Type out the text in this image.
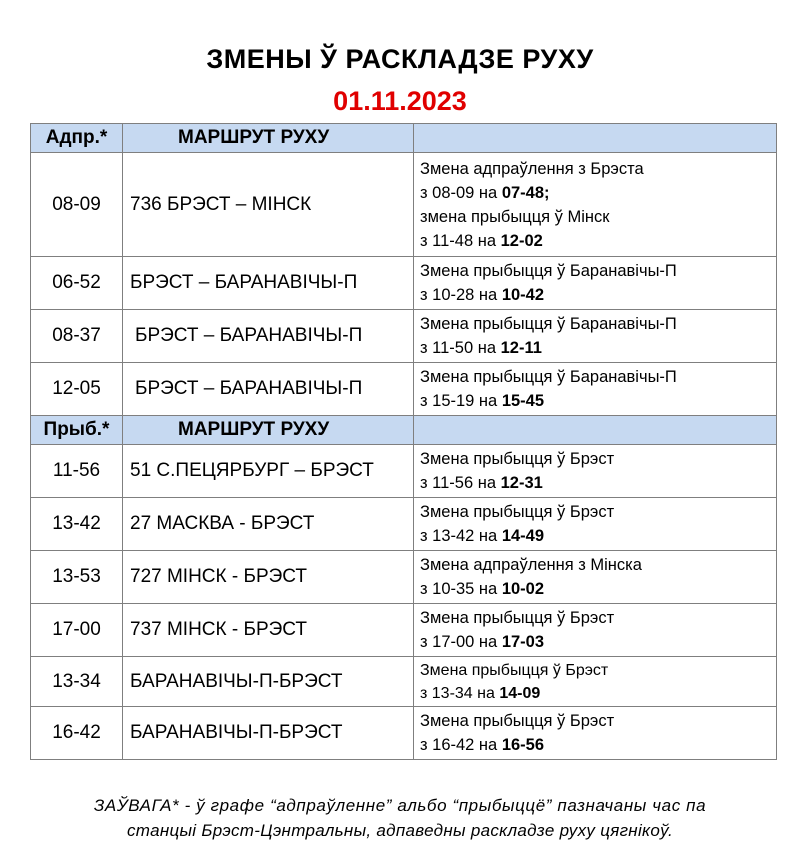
ЗМЕНЫ Ў РАСКЛАДЗЕ РУХУ
01.11.2023
Адпр.*	МАРШРУТ РУХУ	
08-09	736 БРЭСТ – МІНСК	Змена адпраўлення з Брэста
з 08-09 на 07-48;
змена прыбыцця ў Мінск
з 11-48 на 12-02

06-52	БРЭСТ – БАРАНАВІЧЫ-П	Змена прыбыцця ў Баранавічы-П
з 10-28 на 10-42

08-37	БРЭСТ – БАРАНАВІЧЫ-П	Змена прыбыцця ў Баранавічы-П
з 11-50 на 12-11

12-05	БРЭСТ – БАРАНАВІЧЫ-П	Змена прыбыцця ў Баранавічы-П
з 15-19 на 15-45

Прыб.*	МАРШРУТ РУХУ	
11-56	51 С.ПЕЦЯРБУРГ – БРЭСТ	Змена прыбыцця ў Брэст
з 11-56 на 12-31

13-42	27 МАСКВА - БРЭСТ	Змена прыбыцця ў Брэст
з 13-42 на 14-49

13-53	727 МІНСК - БРЭСТ	Змена адпраўлення з Мінска
з 10-35 на 10-02

17-00	737 МІНСК - БРЭСТ	Змена прыбыцця ў Брэст
з 17-00 на 17-03

13-34	БАРАНАВІЧЫ-П-БРЭСТ	Змена прыбыцця ў Брэст
з 13-34 на 14-09

16-42	БАРАНАВІЧЫ-П-БРЭСТ	Змена прыбыцця ў Брэст
з 16-42 на 16-56
ЗАЎВАГА* - ў графе “адпраўленне” альбо “прыбыццё” пазначаны час па
станцыі Брэст-Цэнтральны, адпаведны раскладзе руху цягнікоў.
